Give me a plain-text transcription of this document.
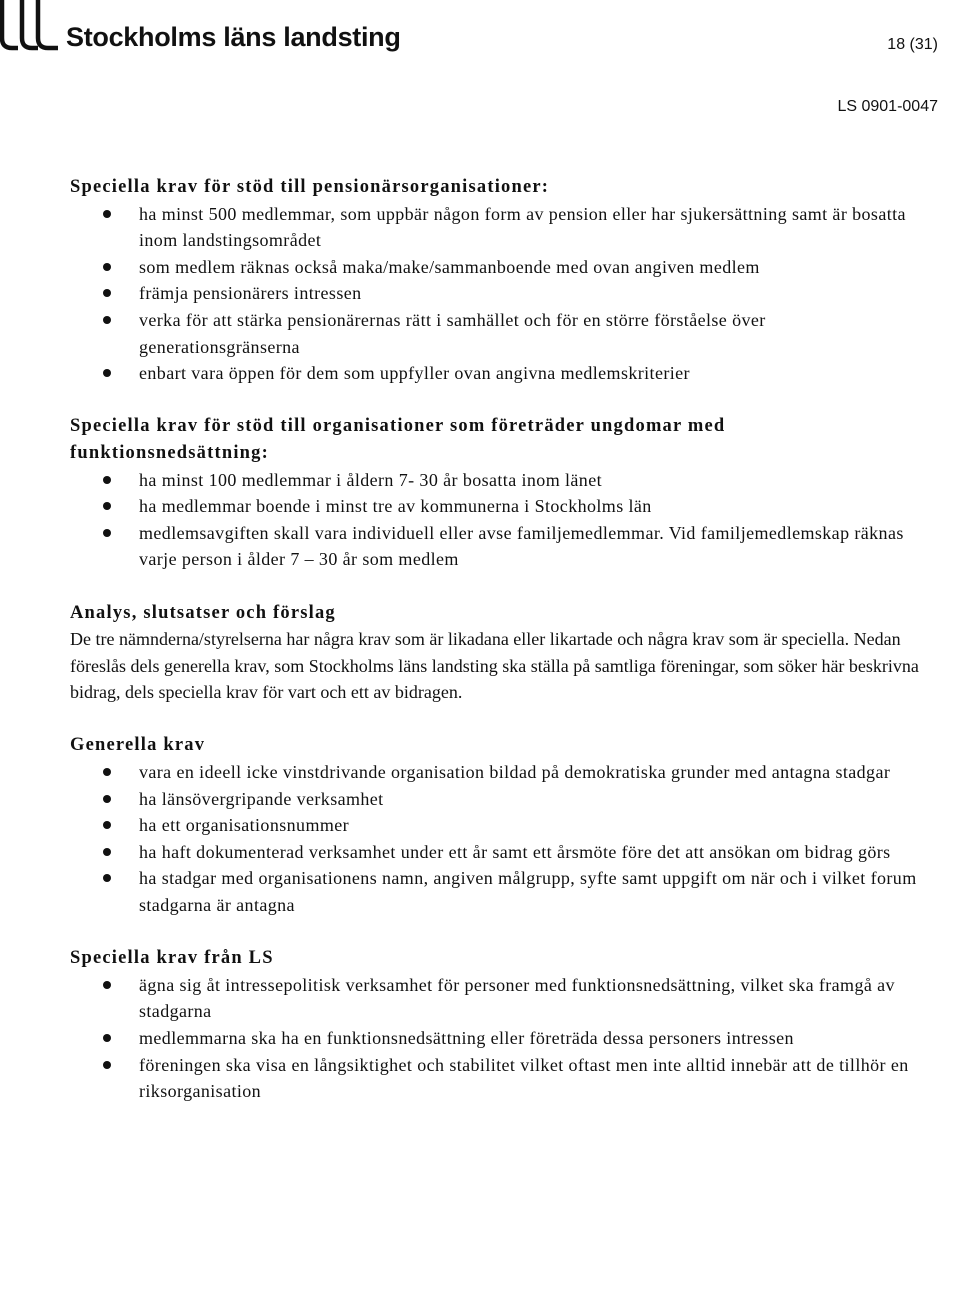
Stockholms läns landsting	18 (31)
LS 0901-0047

Speciella krav för stöd till pensionärsorganisationer:

ha minst 500 medlemmar, som uppbär någon form av pension eller har sjukersättning samt är bosatta inom landstingsområdet
som medlem räknas också maka/make/sammanboende med ovan angiven medlem
främja pensionärers intressen
verka för att stärka pensionärernas rätt i samhället och för en större förståelse över generationsgränserna
enbart vara öppen för dem som uppfyller ovan angivna medlemskriterier

Speciella krav för stöd till organisationer som företräder ungdomar med funktionsnedsättning:

ha minst 100 medlemmar i åldern 7- 30 år bosatta inom länet
ha medlemmar boende i minst tre av kommunerna i Stockholms län
medlemsavgiften skall vara individuell eller avse familjemedlemmar. Vid familjemedlemskap räknas varje person i ålder 7 – 30 år som medlem

Analys, slutsatser och förslag

De tre nämnderna/styrelserna har några krav som är likadana eller likartade och några krav som är speciella. Nedan föreslås dels generella krav, som Stockholms läns landsting ska ställa på samtliga föreningar, som söker här beskrivna bidrag, dels speciella krav för vart och ett av bidragen.

Generella krav

vara en ideell icke vinstdrivande organisation bildad på demokratiska grunder med antagna stadgar
ha länsövergripande verksamhet
ha ett organisationsnummer
ha haft dokumenterad verksamhet under ett år samt ett årsmöte före det att ansökan om bidrag görs
ha stadgar med organisationens namn, angiven målgrupp, syfte samt uppgift om när och i vilket forum stadgarna är antagna

Speciella krav från LS

ägna sig åt intressepolitisk verksamhet för personer med funktionsnedsättning, vilket ska framgå av stadgarna
medlemmarna ska ha en funktionsnedsättning eller företräda dessa personers intressen
föreningen ska visa en långsiktighet och stabilitet vilket oftast men inte alltid innebär att de tillhör en riksorganisation
